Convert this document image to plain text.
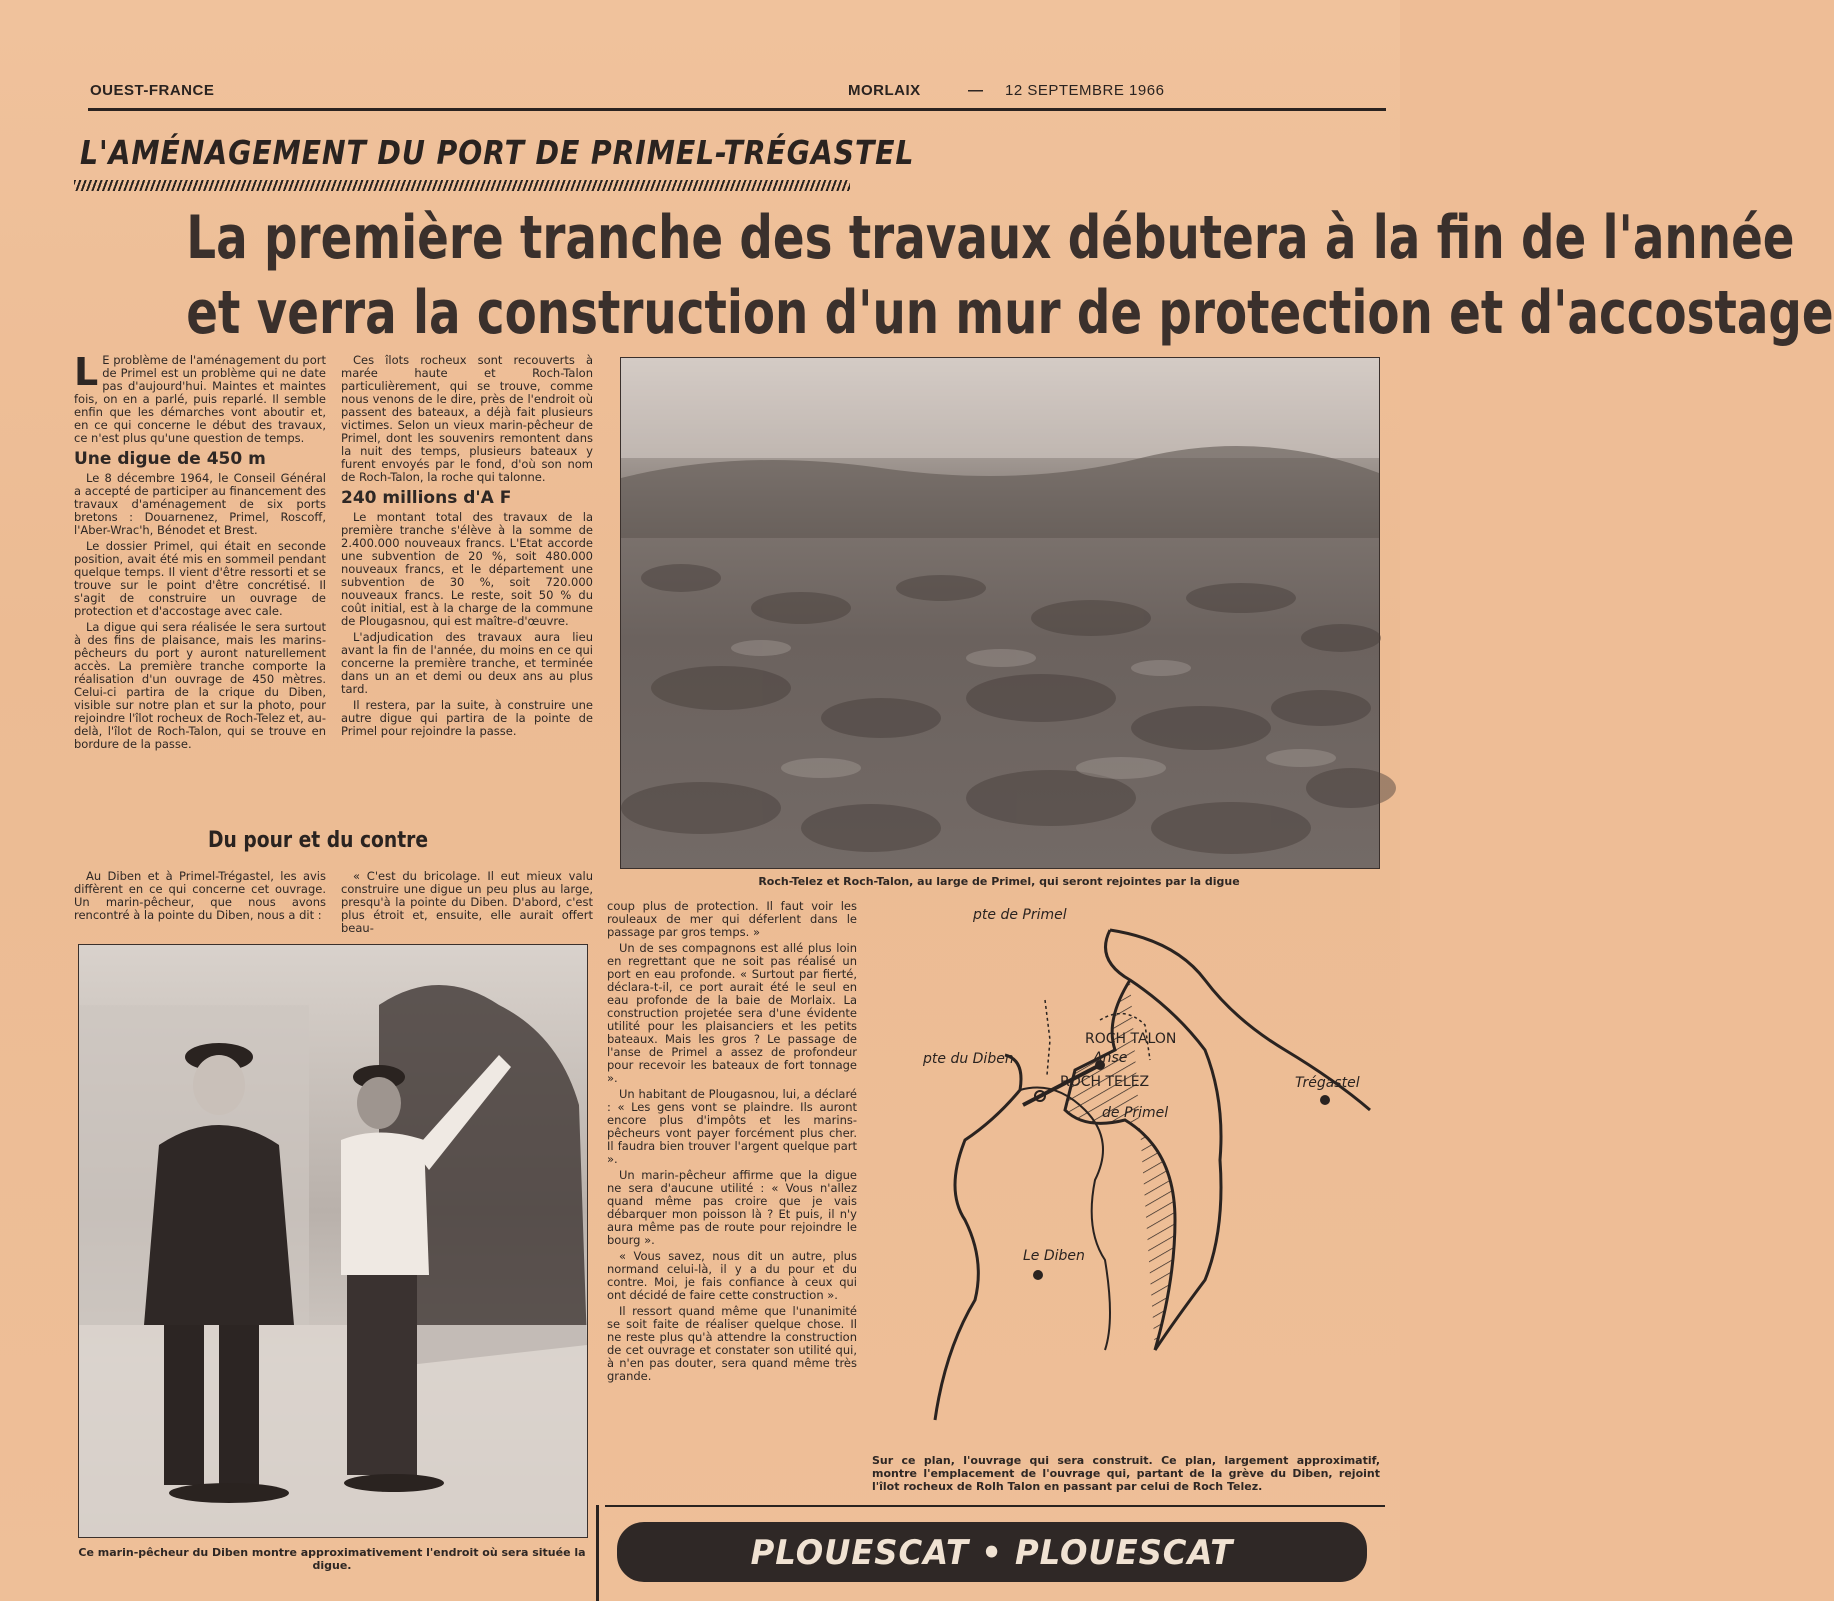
OUEST-FRANCE	MORLAIX	— 12 SEPTEMBRE 1966
L'AMÉNAGEMENT DU PORT DE PRIMEL-TRÉGASTEL
La première tranche des travaux débutera à la fin de l'année
et verra la construction d'un mur de protection et d'accostage

L E problème de l'aménagement du port de Primel est un problème qui ne date pas d'aujourd'hui. Maintes et maintes fois, on en a parlé, puis reparlé. Il semble enfin que les démarches vont aboutir et, en ce qui concerne le début des travaux, ce n'est plus qu'une question de temps.

Une digue de 450 m

Le 8 décembre 1964, le Conseil Général a accepté de participer au financement des travaux d'aménagement de six ports bretons : Douarnenez, Primel, Roscoff, l'Aber-Wrac'h, Bénodet et Brest.

Le dossier Primel, qui était en seconde position, avait été mis en sommeil pendant quelque temps. Il vient d'être ressorti et se trouve sur le point d'être concrétisé. Il s'agit de construire un ouvrage de protection et d'accostage avec cale.

La digue qui sera réalisée le sera surtout à des fins de plaisance, mais les marins-pêcheurs du port y auront naturellement accès. La première tranche comporte la réalisation d'un ouvrage de 450 mètres. Celui-ci partira de la crique du Diben, visible sur notre plan et sur la photo, pour rejoindre l'îlot rocheux de Roch-Telez et, au-delà, l'îlot de Roch-Talon, qui se trouve en bordure de la passe.

Ces îlots rocheux sont recouverts à marée haute et Roch-Talon particulièrement, qui se trouve, comme nous venons de le dire, près de l'endroit où passent des bateaux, a déjà fait plusieurs victimes. Selon un vieux marin-pêcheur de Primel, dont les souvenirs remontent dans la nuit des temps, plusieurs bateaux y furent envoyés par le fond, d'où son nom de Roch-Talon, la roche qui talonne.

240 millions d'A F

Le montant total des travaux de la première tranche s'élève à la somme de 2.400.000 nouveaux francs. L'Etat accorde une subvention de 20 %, soit 480.000 nouveaux francs, et le département une subvention de 30 %, soit 720.000 nouveaux francs. Le reste, soit 50 % du coût initial, est à la charge de la commune de Plougasnou, qui est maître-d'œuvre.

L'adjudication des travaux aura lieu avant la fin de l'année, du moins en ce qui concerne la première tranche, et terminée dans un an et demi ou deux ans au plus tard.

Il restera, par la suite, à construire une autre digue qui partira de la pointe de Primel pour rejoindre la passe.

Du pour et du contre

Au Diben et à Primel-Trégastel, les avis diffèrent en ce qui concerne cet ouvrage. Un marin-pêcheur, que nous avons rencontré à la pointe du Diben, nous a dit :

« C'est du bricolage. Il eut mieux valu construire une digue un peu plus au large, presqu'à la pointe du Diben. D'abord, c'est plus étroit et, ensuite, elle aurait offert beau-

Roch-Telez et Roch-Talon, au large de Primel, qui seront rejointes par la digue

coup plus de protection. Il faut voir les rouleaux de mer qui déferlent dans le passage par gros temps. »

Un de ses compagnons est allé plus loin en regrettant que ne soit pas réalisé un port en eau profonde. « Surtout par fierté, déclara-t-il, ce port aurait été le seul en eau profonde de la baie de Morlaix. La construction projetée sera d'une évidente utilité pour les plaisanciers et les petits bateaux. Mais les gros ? Le passage de l'anse de Primel a assez de profondeur pour recevoir les bateaux de fort tonnage ».

Un habitant de Plougasnou, lui, a déclaré : « Les gens vont se plaindre. Ils auront encore plus d'impôts et les marins-pêcheurs vont payer forcément plus cher. Il faudra bien trouver l'argent quelque part ».

Un marin-pêcheur affirme que la digue ne sera d'aucune utilité : « Vous n'allez quand même pas croire que je vais débarquer mon poisson là ? Et puis, il n'y aura même pas de route pour rejoindre le bourg ».

« Vous savez, nous dit un autre, plus normand celui-là, il y a du pour et du contre. Moi, je fais confiance à ceux qui ont décidé de faire cette construction ».

Il ressort quand même que l'unanimité se soit faite de réaliser quelque chose. Il ne reste plus qu'à attendre la construction de cet ouvrage et constater son utilité qui, à n'en pas douter, sera quand même très grande.

Ce marin-pêcheur du Diben montre approximativement l'endroit où sera située la digue.
pte de Primel
pte du Diben
ROCH TALON
Anse
ROCH TELEZ
de Primel
Trégastel
Le Diben
Sur ce plan, l'ouvrage qui sera construit. Ce plan, largement approximatif, montre l'emplacement de l'ouvrage qui, partant de la grève du Diben, rejoint l'îlot rocheux de Rolh Talon en passant par celui de Roch Telez.
PLOUESCAT • PLOUESCAT
